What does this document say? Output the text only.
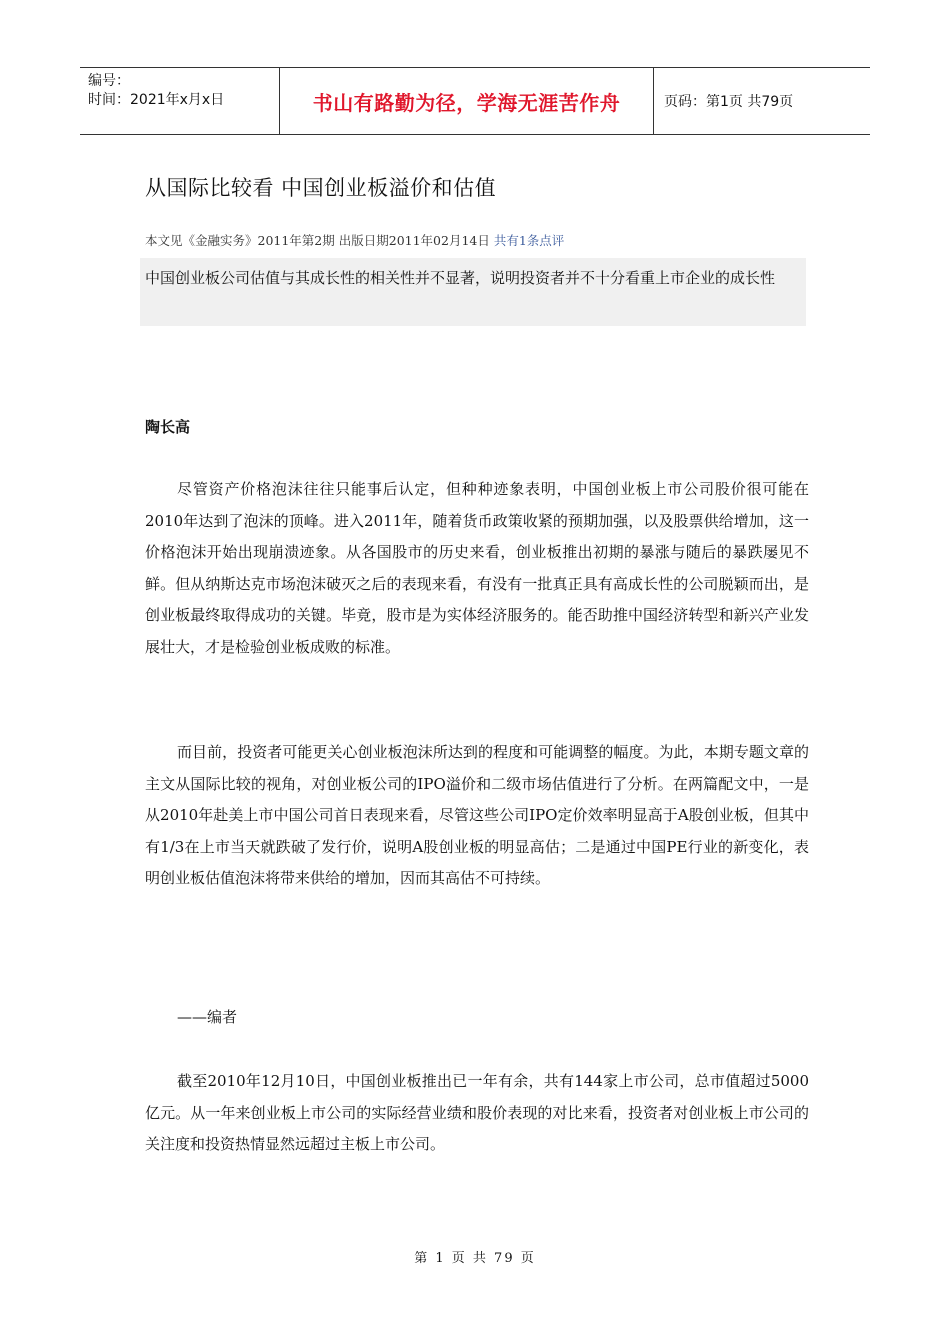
编号：
时间：2021年x月x日	书山有路勤为径，学海无涯苦作舟	页码：第1页 共79页
从国际比较看 中国创业板溢价和估值
本文见《金融实务》2011年第2期 出版日期2011年02月14日 共有1条点评
中国创业板公司估值与其成长性的相关性并不显著，说明投资者并不十分看重上市企业的成长性
陶长高
尽管资产价格泡沫往往只能事后认定，但种种迹象表明，中国创业板上市公司股价很可能在2010年达到了泡沫的顶峰。进入2011年，随着货币政策收紧的预期加强，以及股票供给增加，这一价格泡沫开始出现崩溃迹象。从各国股市的历史来看，创业板推出初期的暴涨与随后的暴跌屡见不鲜。但从纳斯达克市场泡沫破灭之后的表现来看，有没有一批真正具有高成长性的公司脱颖而出，是创业板最终取得成功的关键。毕竟，股市是为实体经济服务的。能否助推中国经济转型和新兴产业发展壮大，才是检验创业板成败的标准。
而目前，投资者可能更关心创业板泡沫所达到的程度和可能调整的幅度。为此，本期专题文章的主文从国际比较的视角，对创业板公司的IPO溢价和二级市场估值进行了分析。在两篇配文中，一是从2010年赴美上市中国公司首日表现来看，尽管这些公司IPO定价效率明显高于A股创业板，但其中有1/3在上市当天就跌破了发行价，说明A股创业板的明显高估；二是通过中国PE行业的新变化，表明创业板估值泡沫将带来供给的增加，因而其高估不可持续。
——编者
截至2010年12月10日，中国创业板推出已一年有余，共有144家上市公司，总市值超过5000亿元。从一年来创业板上市公司的实际经营业绩和股价表现的对比来看，投资者对创业板上市公司的关注度和投资热情显然远超过主板上市公司。
第 1 页 共 79 页
